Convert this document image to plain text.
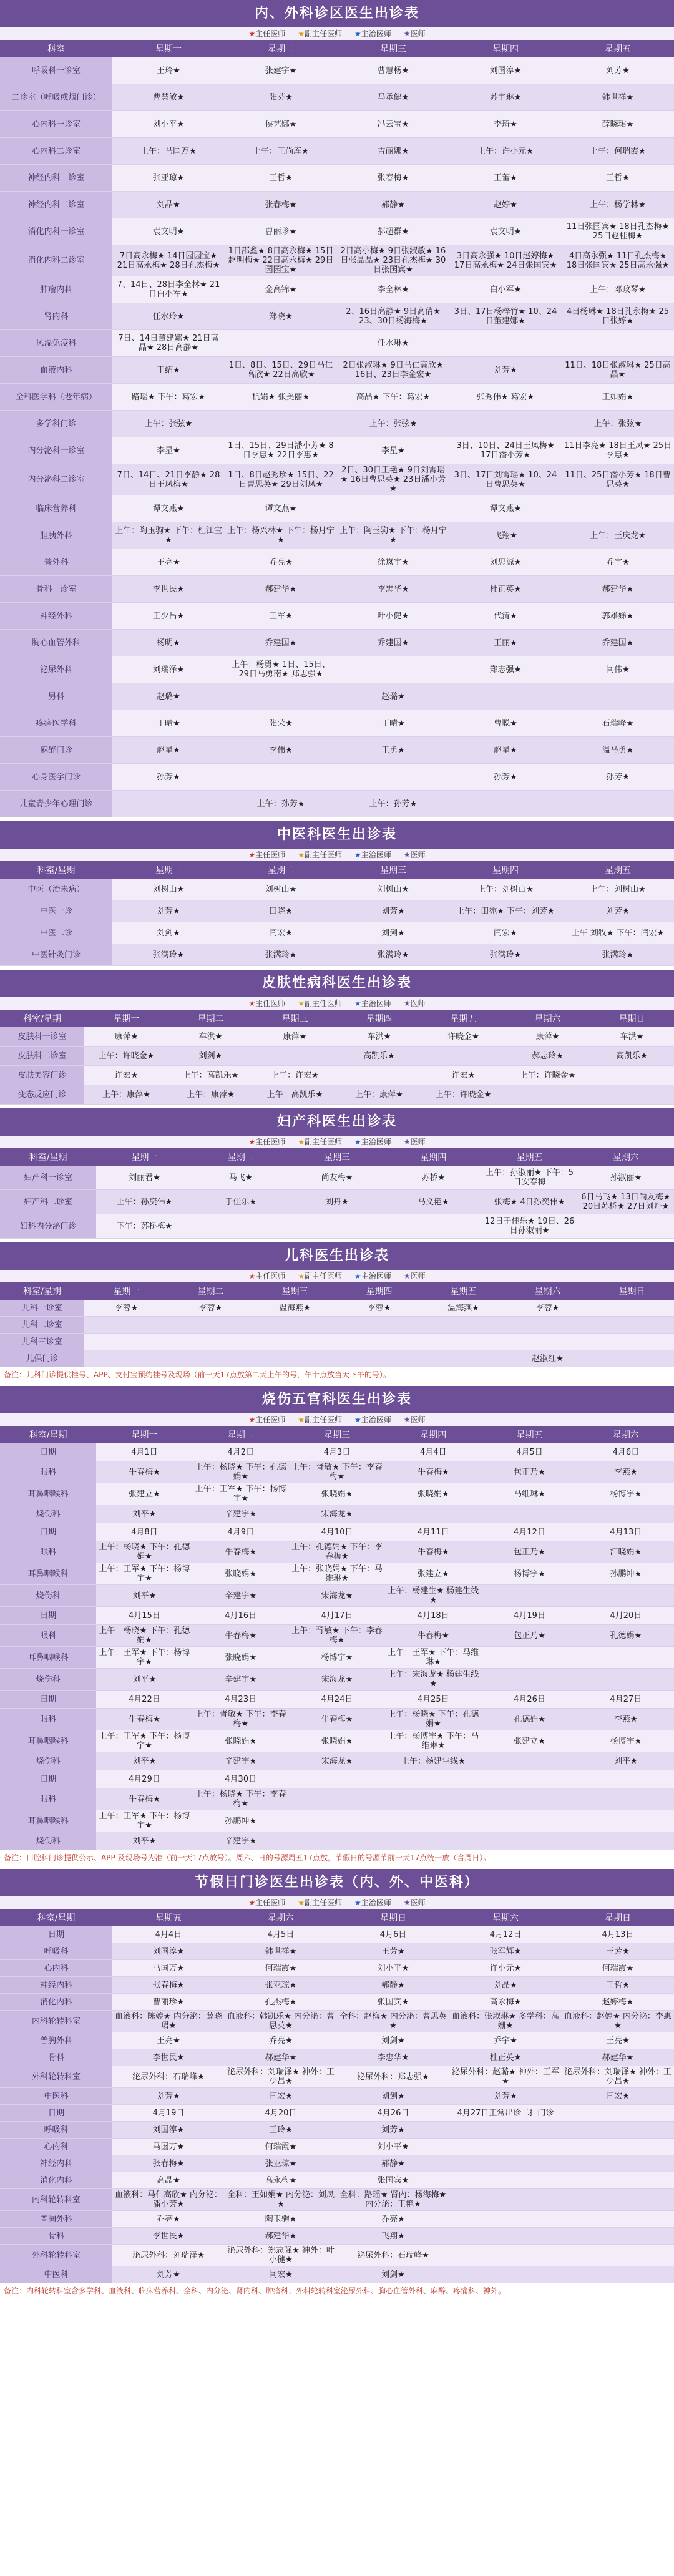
内、外科诊区医生出诊表
★主任医师 ★副主任医师 ★主治医师 ★医师
科室	星期一	星期二	星期三	星期四	星期五
呼吸科一诊室	王玲★	张建宇★	曹慧杨★	刘国淳★	刘芳★
二诊室（呼吸或烟门诊）	曹慧敏★	张芬★	马承健★	苏宇琳★	韩世祥★
心内科一诊室	刘小平★	侯艺娜★	冯云宝★	李琦★	薛晓珺★
心内科二诊室	上午：马国万★	上午：王尚库★	吉丽娜★	上午：许小元★	上午：何瑞霞★
神经内科一诊室	张亚琼★	王哲★	张春梅★	王蕾★	王哲★
神经内科二诊室	刘晶★	张春梅★	郝静★	赵婷★	上午：杨学林★
消化内科一诊室	袁文明★	曹丽珍★	郝超群★	袁文明★	11日张国宾★ 18日孔杰梅★ 25日赵桂梅★
消化内科二诊室	7日高永梅★ 14日园园宝★ 21日高永梅★ 28日孔杰梅★	1日邵鑫★ 8日高永梅★ 15日赵明梅★ 22日高永梅★ 29日园园宝★	2日高小梅★ 9日张淑敏★ 16日张晶晶★ 23日孔杰梅★ 30日张国宾★	3日高永强★ 10日赵婷梅★ 17日高永梅★ 24日张国宾★	4日高永强★ 11日孔杰梅★ 18日张国宾★ 25日高永强★
肿瘤内科	7、14日、28日李全林★ 21日白小军★	金高锦★	李全林★	白小军★	上午：邓政琴★
肾内科	任水玲★	郑晓★	2、16日高静★ 9日高倩★ 23、30日杨海梅★	3日、17日杨梓竹★ 10、24日董建娜★	4日杨琳★ 18日孔永梅★ 25日张婷★
风湿免疫科	7日、14日董建娜★ 21日高晶★ 28日高静★		任水琳★		
血液内科	王绍★	1日、8日、15日、29日马仁高欣★ 22日高欣★	2日张淑琳★ 9日马仁高欣★ 16日、23日李金宏★	刘芳★	11日、18日张淑琳★ 25日高晶★
全科医学科（老年病）	路瑶★ 下午：葛宏★	杭娟★ 张美丽★	高晶★ 下午：葛宏★	张秀伟★ 葛宏★	王如娟★
多学科门诊	上午：张弦★		上午：张弦★		上午：张弦★
内分泌科一诊室	李星★	1日、15日、29日潘小芳★ 8日李惠★ 22日李惠★	李星★	3日、10日、24日王凤梅★ 17日潘小芳★	11日李亮★ 18日王凤★ 25日李惠★
内分泌科二诊室	7日、14日、21日李静★ 28日王凤梅★	1日、8日赵秀珍★ 15日、22日曹思英★ 29日刘凤★	2日、30日王艳★ 9日刘霄瑶★ 16日曹思英★ 23日潘小芳★	3日、17日刘霄瑶★ 10、24日曹思英★	11日、25日潘小芳★ 18日曹思英★
临床营养科	谭文燕★	谭文燕★		谭文燕★	
胆胰外科	上午：陶玉驹★ 下午：杜江宝★	上午：杨兴林★ 下午：杨月宁★	上午：陶玉驹★ 下午：杨月宁★	飞翔★	上午：王庆龙★
普外科	王亮★	乔亮★	徐岚宇★	刘思源★	乔宇★
骨科一诊室	李世民★	郝建华★	李忠华★	杜正英★	郝建华★
神经外科	王少昌★	王军★	叶小健★	代清★	郭雄娣★
胸心血管外科	杨明★	乔建国★	乔建国★	王丽★	乔建国★
泌尿外科	刘瑞泽★	上午：杨勇★ 1日、15日、29日马勇南★ 郑志强★		郑志强★	闫伟★
男科	赵璐★		赵璐★		
疼痛医学科	丁晴★	张荣★	丁晴★	曹聪★	石瑞峰★
麻醉门诊	赵星★	李伟★	王勇★	赵星★	温马勇★
心身医学门诊	孙芳★			孙芳★	孙芳★
儿童青少年心理门诊		上午：孙芳★	上午：孙芳★		
中医科医生出诊表
★主任医师 ★副主任医师 ★主治医师 ★医师
科室/星期	星期一	星期二	星期三	星期四	星期五
中医（治未病）	刘树山★	刘树山★	刘树山★	上午：刘树山★	上午：刘树山★
中医一诊	刘芳★	田晓★	刘芳★	上午：田宛★ 下午：刘芳★	刘芳★
中医二诊	刘剑★	闫宏★	刘剑★	闫宏★	上午 刘牧★ 下午：闫宏★
中医针灸门诊	张满玲★	张满玲★	张满玲★	张满玲★	张满玲★
皮肤性病科医生出诊表
★主任医师 ★副主任医师 ★主治医师 ★医师
科室/星期	星期一	星期二	星期三	星期四	星期五	星期六	星期日
皮肤科一诊室	康萍★	车洪★	康萍★	车洪★	许晓金★	康萍★	车洪★
皮肤科二诊室	上午：许晓金★	刘剑★		高凯乐★		郝志玲★	高凯乐★
皮肤美容门诊	许宏★	上午：高凯乐★	上午：许宏★		许宏★	上午：许晓金★	
变态反应门诊	上午：康萍★	上午：康萍★	上午：高凯乐★	上午：康萍★	上午：许晓金★		
妇产科医生出诊表
★主任医师 ★副主任医师 ★主治医师 ★医师
科室/星期	星期一	星期二	星期三	星期四	星期五	星期六
妇产科一诊室	刘丽君★	马飞★	尚友梅★	苏桥★	上午：孙淑丽★ 下午：5日安春梅	孙淑丽★
妇产科二诊室	上午：孙奕伟★	于佳乐★	刘丹★	马文艳★	张梅★ 4日孙奕伟★	6日马飞★ 13日尚友梅★ 20日苏桥★ 27日刘丹★
妇科内分泌门诊	下午：苏桥梅★				12日于佳乐★ 19日、26日孙淑丽★	
儿科医生出诊表
★主任医师 ★副主任医师 ★主治医师 ★医师
科室/星期	星期一	星期二	星期三	星期四	星期五	星期六	星期日
儿科一诊室	李蓉★	李蓉★	温海燕★	李蓉★	温海燕★	李蓉★	
儿科二诊室							
儿科三诊室							
儿保门诊						赵淑红★	
备注：儿科门诊提供挂号、APP、支付宝预约挂号及现场（前一天17点放第二天上午的号，午十点放当天下午的号）。
烧伤五官科医生出诊表
★主任医师 ★副主任医师 ★主治医师 ★医师
科室/星期	星期一	星期二	星期三	星期四	星期五	星期六
日期	4月1日	4月2日	4月3日	4月4日	4月5日	4月6日
眼科	牛春梅★	上午：杨晓★ 下午：孔德娟★	上午：胥敏★ 下午：李春梅★	牛春梅★	包正乃★	李燕★
耳鼻咽喉科	张建立★	上午：王军★ 下午：杨博宇★	张晓娟★	张晓娟★	马维琳★	杨博宇★
烧伤科	刘平★	辛建宇★	宋海龙★			
日期	4月8日	4月9日	4月10日	4月11日	4月12日	4月13日
眼科	上午：杨晓★ 下午：孔德娟★	牛春梅★	上午：孔德娟★ 下午：李春梅★	牛春梅★	包正乃★	江晓娟★
耳鼻咽喉科	上午：王军★ 下午：杨博宇★	张晓娟★	上午：张晓娟★ 下午：马维琳★	张建立★	杨博宇★	孙鹏坤★
烧伤科	刘平★	辛建宇★	宋海龙★	上午：杨建生★ 杨建生线★		
日期	4月15日	4月16日	4月17日	4月18日	4月19日	4月20日
眼科	上午：杨晓★ 下午：孔德娟★	牛春梅★	上午：胥敏★ 下午：李春梅★	牛春梅★	包正乃★	孔德娟★
耳鼻咽喉科	上午：王军★ 下午：杨博宇★	张晓娟★	杨博宇★	上午：王军★ 下午：马维琳★		
烧伤科	刘平★	辛建宇★	宋海龙★	上午：宋海龙★ 杨建生线★		
日期	4月22日	4月23日	4月24日	4月25日	4月26日	4月27日
眼科	牛春梅★	上午：胥敏★ 下午：李春梅★	牛春梅★	上午：杨晓★ 下午：孔德娟★	孔德娟★	李燕★
耳鼻咽喉科	上午：王军★ 下午：杨博宇★	张晓娟★	张晓娟★	上午：杨博宇★ 下午：马维琳★	张建立★	杨博宇★
烧伤科	刘平★	辛建宇★	宋海龙★	上午：杨建生线★		刘平★
日期	4月29日	4月30日				
眼科	牛春梅★	上午：杨晓★ 下午：李春梅★				
耳鼻咽喉科	上午：王军★ 下午：杨博宇★	孙鹏坤★				
烧伤科	刘平★	辛建宇★				
备注：口腔科门诊提供公示、APP 及现场号为准（前一天17点放号）。周六、日的号源周五17点放，节假日的号源节前一天17点统一放（含周日）。
节假日门诊医生出诊表（内、外、中医科）
★主任医师 ★副主任医师 ★主治医师 ★医师
科室/星期	星期五	星期六	星期日	星期六	星期日
日期	4月4日	4月5日	4月6日	4月12日	4月13日
呼吸科	刘国淳★	韩世祥★	王芳★	张军辉★	王芳★
心内科	马国万★	何瑞霞★	刘小平★	许小元★	何瑞霞★
神经内科	张春梅★	张亚琼★	郝静★	刘晶★	王哲★
消化内科	曹丽珍★	孔杰梅★	张国宾★	高永梅★	赵婷梅★
内科轮转科室	血液科：陈婷★ 内分泌：薛晓珺★	血液科：韩凯乐★ 内分泌：曹思英★	全科：赵梅★ 内分泌：曹思英★	血液科：张淑琳★ 多学科：高姗★	血液科：赵婷★ 内分泌：李惠★
普胸外科	王亮★	乔亮★	刘剑★	乔宇★	王亮★
骨科	李世民★	郝建华★	李忠华★	杜正英★	郝建华★
外科轮转科室	泌尿外科：石瑞峰★	泌尿外科：刘瑞泽★ 神外：王少昌★	泌尿外科：郑志强★	泌尿外科：赵璐★ 神外：王军★	泌尿外科：刘瑞泽★ 神外：王少昌★
中医科	刘芳★	闫宏★	刘剑★	刘芳★	闫宏★
日期	4月19日	4月20日	4月26日	4月27日正常出诊二排门诊	
呼吸科	刘国淳★	王玲★	刘芳★		
心内科	马国万★	何瑞霞★	刘小平★		
神经内科	张春梅★	张亚琼★	郝静★		
消化内科	高晶★	高永梅★	张国宾★		
内科轮转科室	血液科：马仁高欣★ 内分泌：潘小芳★	全科：王如娟★ 内分泌：刘凤★	全科：路瑶★ 肾内：杨海梅★ 内分泌：王艳★		
普胸外科	乔亮★	陶玉驹★	乔亮★		
骨科	李世民★	郝建华★	飞翔★		
外科轮转科室	泌尿外科：刘瑞泽★	泌尿外科：郑志强★ 神外：叶小健★	泌尿外科：石瑞峰★		
中医科	刘芳★	闫宏★	刘剑★		
备注：内科轮转科室含多学科、血液科、临床营养科、全科、内分泌、肾内科、肿瘤科；外科轮转科室泌尿外科、胸心血管外科、麻醉、疼痛科、神外。
